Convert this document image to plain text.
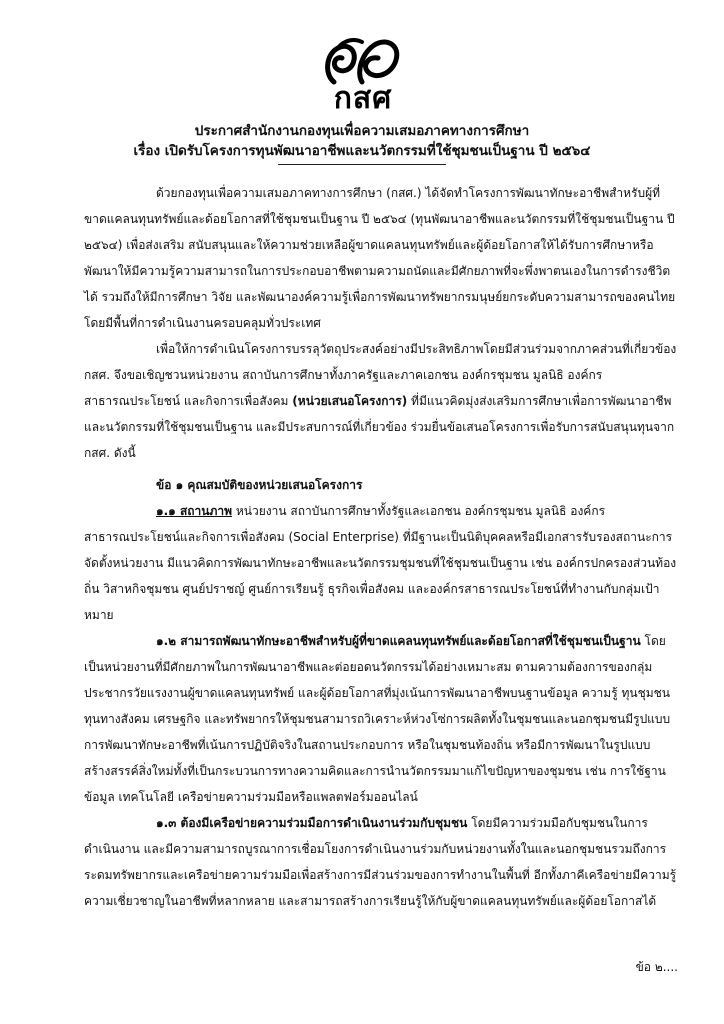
กสศ
ประกาศสำนักงานกองทุนเพื่อความเสมอภาคทางการศึกษา
เรื่อง เปิดรับโครงการทุนพัฒนาอาชีพและนวัตกรรมที่ใช้ชุมชนเป็นฐาน ปี ๒๕๖๔

ด้วยกองทุนเพื่อความเสมอภาคทางการศึกษา (กสศ.) ได้จัดทำโครงการพัฒนาทักษะอาชีพสำหรับผู้ที่ขาดแคลนทุนทรัพย์และด้อยโอกาสที่ใช้ชุมชนเป็นฐาน ปี ๒๕๖๔ (ทุนพัฒนาอาชีพและนวัตกรรมที่ใช้ชุมชนเป็นฐาน ปี ๒๕๖๔) เพื่อส่งเสริม สนับสนุนและให้ความช่วยเหลือผู้ขาดแคลนทุนทรัพย์และผู้ด้อยโอกาสให้ได้รับการศึกษาหรือพัฒนาให้มีความรู้ความสามารถในการประกอบอาชีพตามความถนัดและมีศักยภาพที่จะพึ่งพาตนเองในการดำรงชีวิตได้ รวมถึงให้มีการศึกษา วิจัย และพัฒนาองค์ความรู้เพื่อการพัฒนาทรัพยากรมนุษย์ยกระดับความสามารถของคนไทย โดยมีพื้นที่การดำเนินงานครอบคลุมทั่วประเทศ

เพื่อให้การดำเนินโครงการบรรลุวัตถุประสงค์อย่างมีประสิทธิภาพโดยมีส่วนร่วมจากภาคส่วนที่เกี่ยวข้อง กสศ. จึงขอเชิญชวนหน่วยงาน สถาบันการศึกษาทั้งภาครัฐและภาคเอกชน องค์กรชุมชน มูลนิธิ องค์กรสาธารณประโยชน์ และกิจการเพื่อสังคม (หน่วยเสนอโครงการ) ที่มีแนวคิดมุ่งส่งเสริมการศึกษาเพื่อการพัฒนาอาชีพและนวัตกรรมที่ใช้ชุมชนเป็นฐาน และมีประสบการณ์ที่เกี่ยวข้อง ร่วมยื่นข้อเสนอโครงการเพื่อรับการสนับสนุนทุนจาก กสศ. ดังนี้

ข้อ ๑ คุณสมบัติของหน่วยเสนอโครงการ

๑.๑ สถานภาพ หน่วยงาน สถาบันการศึกษาทั้งรัฐและเอกชน องค์กรชุมชน มูลนิธิ องค์กรสาธารณประโยชน์และกิจการเพื่อสังคม (Social Enterprise) ที่มีฐานะเป็นนิติบุคคลหรือมีเอกสารรับรองสถานะการจัดตั้งหน่วยงาน มีแนวคิดการพัฒนาทักษะอาชีพและนวัตกรรมชุมชนที่ใช้ชุมชนเป็นฐาน เช่น องค์กรปกครองส่วนท้องถิ่น วิสาหกิจชุมชน ศูนย์ปราชญ์ ศูนย์การเรียนรู้ ธุรกิจเพื่อสังคม และองค์กรสาธารณประโยชน์ที่ทำงานกับกลุ่มเป้าหมาย

๑.๒ สามารถพัฒนาทักษะอาชีพสำหรับผู้ที่ขาดแคลนทุนทรัพย์และด้อยโอกาสที่ใช้ชุมชนเป็นฐาน โดยเป็นหน่วยงานที่มีศักยภาพในการพัฒนาอาชีพและต่อยอดนวัตกรรมได้อย่างเหมาะสม ตามความต้องการของกลุ่มประชากรวัยแรงงานผู้ขาดแคลนทุนทรัพย์ และผู้ด้อยโอกาสที่มุ่งเน้นการพัฒนาอาชีพบนฐานข้อมูล ความรู้ ทุนชุมชน ทุนทางสังคม เศรษฐกิจ และทรัพยากรให้ชุมชนสามารถวิเคราะห์ห่วงโซ่การผลิตทั้งในชุมชนและนอกชุมชนมีรูปแบบการพัฒนาทักษะอาชีพที่เน้นการปฏิบัติจริงในสถานประกอบการ หรือในชุมชนท้องถิ่น หรือมีการพัฒนาในรูปแบบสร้างสรรค์สิ่งใหม่ทั้งที่เป็นกระบวนการทางความคิดและการนำนวัตกรรมมาแก้ไขปัญหาของชุมชน เช่น การใช้ฐานข้อมูล เทคโนโลยี เครือข่ายความร่วมมือหรือแพลตฟอร์มออนไลน์

๑.๓ ต้องมีเครือข่ายความร่วมมือการดำเนินงานร่วมกับชุมชน โดยมีความร่วมมือกับชุมชนในการดำเนินงาน และมีความสามารถบูรณาการเชื่อมโยงการดำเนินงานร่วมกับหน่วยงานทั้งในและนอกชุมชนรวมถึงการระดมทรัพยากรและเครือข่ายความร่วมมือเพื่อสร้างการมีส่วนร่วมของการทำงานในพื้นที่ อีกทั้งภาคีเครือข่ายมีความรู้ความเชี่ยวชาญในอาชีพที่หลากหลาย และสามารถสร้างการเรียนรู้ให้กับผู้ขาดแคลนทุนทรัพย์และผู้ด้อยโอกาสได้

ข้อ ๒....
